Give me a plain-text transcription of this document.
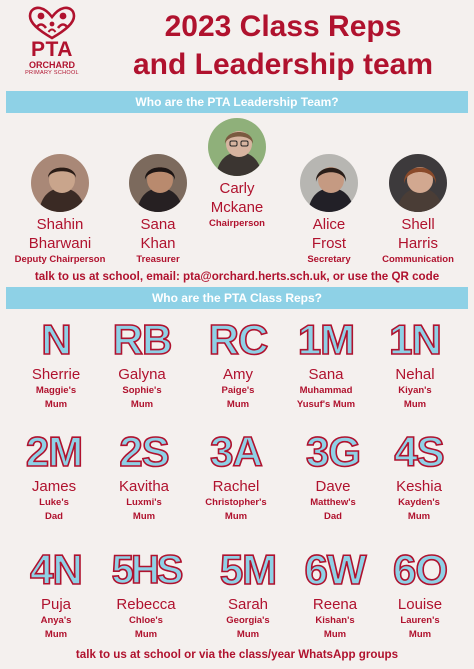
PTA
ORCHARD
PRIMARY SCHOOL
2023 Class Reps
and Leadership team
Who are the PTA Leadership Team?
Shahin
Bharwani
Deputy Chairperson
Sana
Khan
Treasurer
Carly
Mckane
Chairperson	Alice
Frost
Secretary
Shell
Harris
Communication
talk to us at school, email: pta@orchard.herts.sch.uk, or use the QR code
Who are the PTA Class Reps?
N
Sherrie
Maggie's
Mum
RB
Galyna
Sophie's
Mum
RC
Amy
Paige's
Mum
1M
Sana
Muhammad
Yusuf's Mum
1N
Nehal
Kiyan's
Mum
2M
James
Luke's
Dad
2S
Kavitha
Luxmi's
Mum
3A
Rachel
Christopher's
Mum
3G
Dave
Matthew's
Dad
4S
Keshia
Kayden's
Mum
4N
Puja
Anya's
Mum
5HS
Rebecca
Chloe's
Mum
5M
Sarah
Georgia's
Mum
6W
Reena
Kishan's
Mum
6O
Louise
Lauren's
Mum
talk to us at school or via the class/year WhatsApp groups
